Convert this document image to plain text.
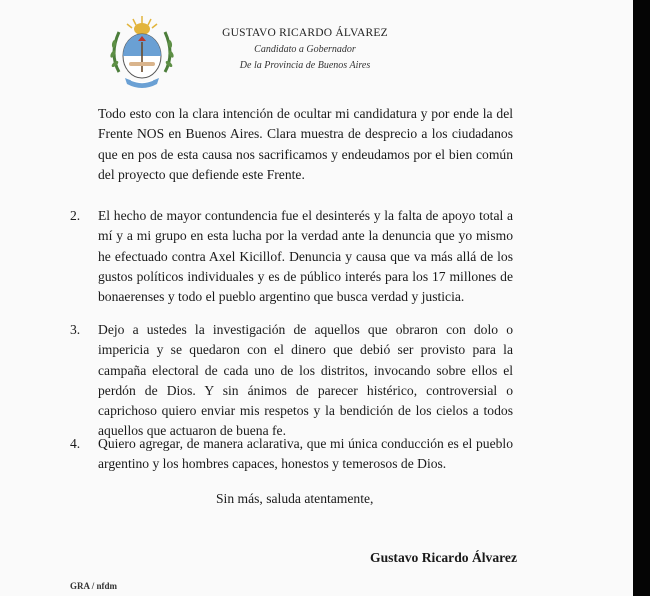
GUSTAVO RICARDO ÁLVAREZ
Candidato a Gobernador
De la Provincia de Buenos Aires
Todo esto con la clara intención de ocultar mi candidatura y por ende la del Frente NOS en Buenos Aires. Clara muestra de desprecio a los ciudadanos que en pos de esta causa nos sacrificamos y endeudamos por el bien común del proyecto que defiende este Frente.
2. El hecho de mayor contundencia fue el desinterés y la falta de apoyo total a mí y a mi grupo en esta lucha por la verdad ante la denuncia que yo mismo he efectuado contra Axel Kicillof. Denuncia y causa que va más allá de los gustos políticos individuales y es de público interés para los 17 millones de bonaerenses y todo el pueblo argentino que busca verdad y justicia.
3. Dejo a ustedes la investigación de aquellos que obraron con dolo o impericia y se quedaron con el dinero que debió ser provisto para la campaña electoral de cada uno de los distritos, invocando sobre ellos el perdón de Dios. Y sin ánimos de parecer histérico, controversial o caprichoso quiero enviar mis respetos y la bendición de los cielos a todos aquellos que actuaron de buena fe.
4. Quiero agregar, de manera aclarativa, que mi única conducción es el pueblo argentino y los hombres capaces, honestos y temerosos de Dios.
Sin más, saluda atentamente,
Gustavo Ricardo Álvarez
GRA / nfdm
